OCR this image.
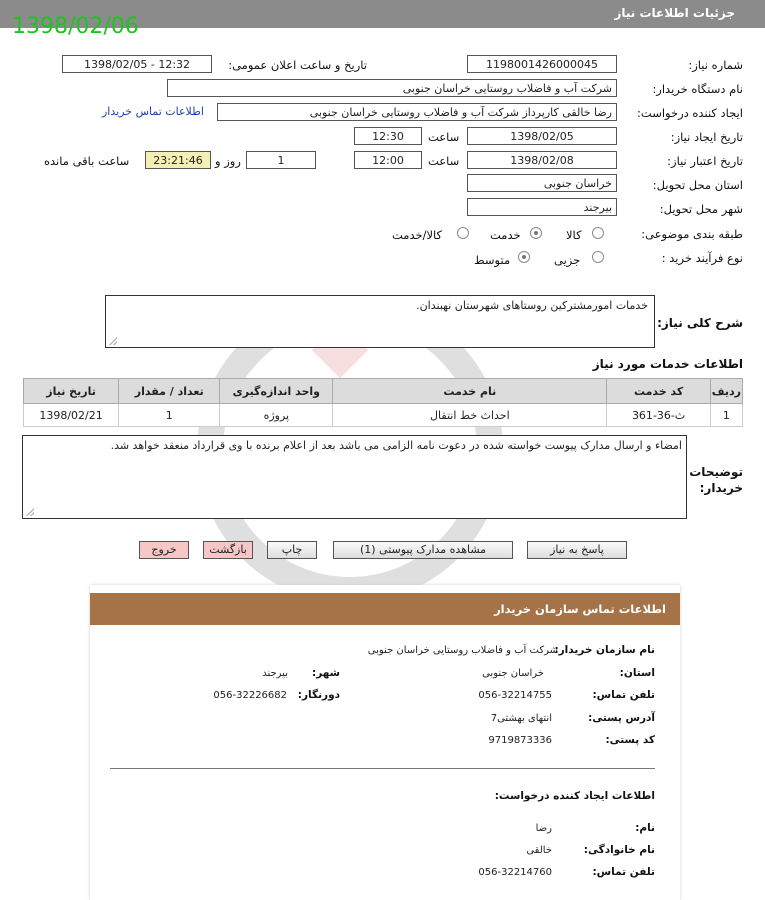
جزئیات اطلاعات نیاز
1398/02/06
شماره نیاز:
1198001426000045
تاریخ و ساعت اعلان عمومی:
1398/02/05 - 12:32
نام دستگاه خریدار:
شرکت آب و فاضلاب روستایی خراسان جنوبی
ایجاد کننده درخواست:
رضا خالقی کارپرداز شرکت آب و فاضلاب روستایی خراسان جنوبی
اطلاعات تماس خریدار
تاریخ ایجاد نیاز:
1398/02/05
ساعت
12:30
تاریخ اعتبار نیاز:
1398/02/08
ساعت
12:00
1
روز و
23:21:46
ساعت باقی مانده
استان محل تحویل:
خراسان جنوبی
شهر محل تحویل:
بیرجند
طبقه بندی موضوعی:
کالا
خدمت
کالا/خدمت
نوع فرآیند خرید :
جزیی
متوسط
شرح کلی نیاز:
خدمات امورمشترکین روستاهای شهرستان نهبندان.
اطلاعات خدمات مورد نیاز
تاریخ نیاز	تعداد / مقدار	واحد اندازه‌گیری	نام خدمت	کد خدمت	ردیف
1398/02/21	1	پروژه	احداث خط انتقال	ث-36-361	1
توضیحات خریدار:
امضاء و ارسال مدارک پیوست خواسته شده در دعوت نامه الزامی می باشد بعد از اعلام برنده با وی قرارداد منعقد خواهد شد.
پاسخ به نیاز
مشاهده مدارک پیوستی (1)
چاپ
بازگشت
خروج
اطلاعات تماس سازمان خریدار
نام سازمان خریدار:
شرکت آب و فاضلاب روستایی خراسان جنوبی
استان:
خراسان جنوبی
شهر:
بیرجند
تلفن تماس:
056-32214755
دورنگار:
056-32226682
آدرس پستی:
انتهای بهشتی7
کد پستی:
9719873336
اطلاعات ایجاد کننده درخواست:
نام:
رضا
نام خانوادگی:
خالقی
تلفن تماس:
056-32214760
